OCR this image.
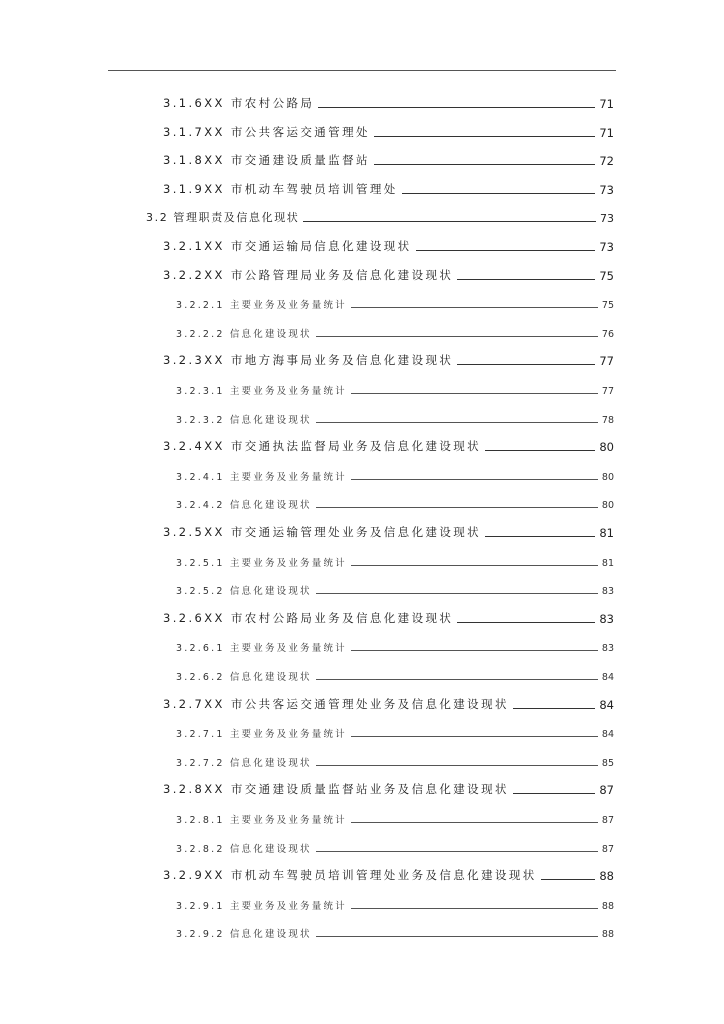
3.1.6XX 市农村公路局	71
3.1.7XX 市公共客运交通管理处	71
3.1.8XX 市交通建设质量监督站	72
3.1.9XX 市机动车驾驶员培训管理处	73
3.2 管理职责及信息化现状	73
3.2.1XX 市交通运输局信息化建设现状	73
3.2.2XX 市公路管理局业务及信息化建设现状	75
3.2.2.1 主要业务及业务量统计	75
3.2.2.2 信息化建设现状	76
3.2.3XX 市地方海事局业务及信息化建设现状	77
3.2.3.1 主要业务及业务量统计	77
3.2.3.2 信息化建设现状	78
3.2.4XX 市交通执法监督局业务及信息化建设现状	80
3.2.4.1 主要业务及业务量统计	80
3.2.4.2 信息化建设现状	80
3.2.5XX 市交通运输管理处业务及信息化建设现状	81
3.2.5.1 主要业务及业务量统计	81
3.2.5.2 信息化建设现状	83
3.2.6XX 市农村公路局业务及信息化建设现状	83
3.2.6.1 主要业务及业务量统计	83
3.2.6.2 信息化建设现状	84
3.2.7XX 市公共客运交通管理处业务及信息化建设现状	84
3.2.7.1 主要业务及业务量统计	84
3.2.7.2 信息化建设现状	85
3.2.8XX 市交通建设质量监督站业务及信息化建设现状	87
3.2.8.1 主要业务及业务量统计	87
3.2.8.2 信息化建设现状	87
3.2.9XX 市机动车驾驶员培训管理处业务及信息化建设现状	88
3.2.9.1 主要业务及业务量统计	88
3.2.9.2 信息化建设现状	88
